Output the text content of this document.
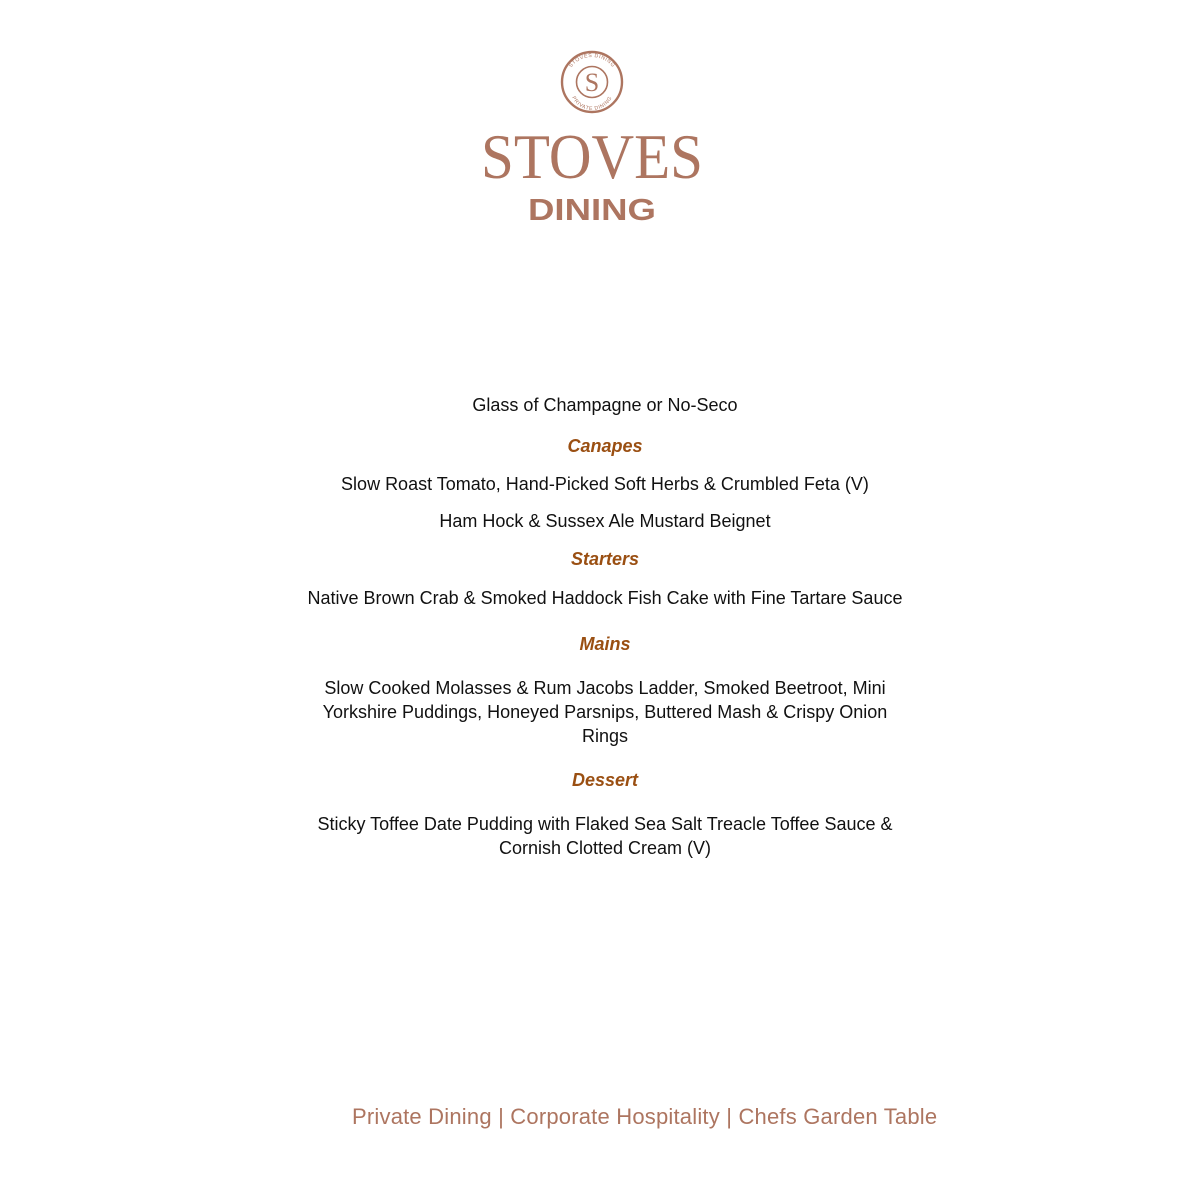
STOVES DINING
PRIVATE DINING
S
STOVES
DINING

Glass of Champagne or No-Seco

Canapes

Slow Roast Tomato, Hand-Picked Soft Herbs & Crumbled Feta (V)

Ham Hock & Sussex Ale Mustard Beignet

Starters

Native Brown Crab & Smoked Haddock Fish Cake with Fine Tartare Sauce

Mains

Slow Cooked Molasses & Rum Jacobs Ladder, Smoked Beetroot, Mini Yorkshire Puddings, Honeyed Parsnips, Buttered Mash & Crispy Onion Rings

Dessert

Sticky Toffee Date Pudding with Flaked Sea Salt Treacle Toffee Sauce & Cornish Clotted Cream (V)

Private Dining | Corporate Hospitality | Chefs Garden Table
